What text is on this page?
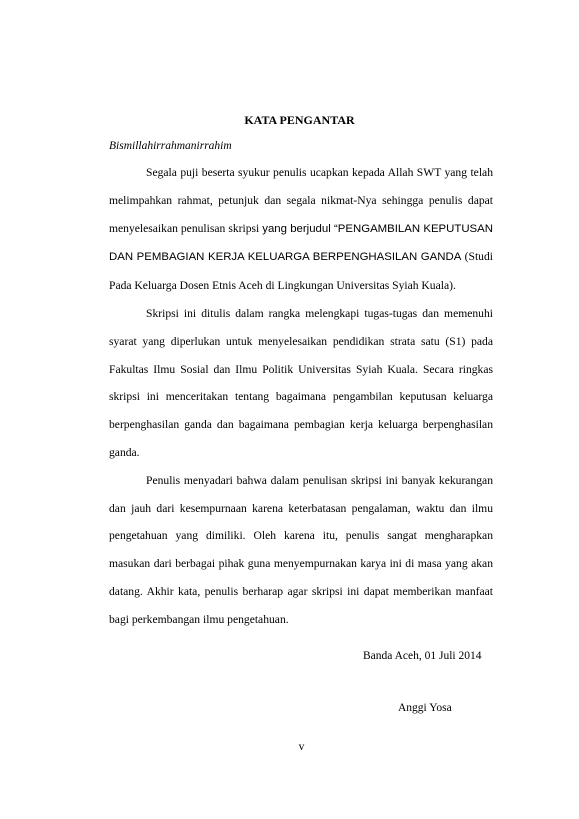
KATA PENGANTAR
Bismillahirrahmanirrahim

Segala puji beserta syukur penulis ucapkan kepada Allah SWT yang telah melimpahkan rahmat, petunjuk dan segala nikmat-Nya sehingga penulis dapat menyelesaikan penulisan skripsi yang berjudul “PENGAMBILAN KEPUTUSAN DAN PEMBAGIAN KERJA KELUARGA BERPENGHASILAN GANDA (Studi Pada Keluarga Dosen Etnis Aceh di Lingkungan Universitas Syiah Kuala).

Skripsi ini ditulis dalam rangka melengkapi tugas-tugas dan memenuhi syarat yang diperlukan untuk menyelesaikan pendidikan strata satu (S1) pada Fakultas Ilmu Sosial dan Ilmu Politik Universitas Syiah Kuala. Secara ringkas skripsi ini menceritakan tentang bagaimana pengambilan keputusan keluarga berpenghasilan ganda dan bagaimana pembagian kerja keluarga berpenghasilan ganda.

Penulis menyadari bahwa dalam penulisan skripsi ini banyak kekurangan dan jauh dari kesempurnaan karena keterbatasan pengalaman, waktu dan ilmu pengetahuan yang dimiliki. Oleh karena itu, penulis sangat mengharapkan masukan dari berbagai pihak guna menyempurnakan karya ini di masa yang akan datang. Akhir kata, penulis berharap agar skripsi ini dapat memberikan manfaat bagi perkembangan ilmu pengetahuan.

Banda Aceh, 01 Juli 2014
Anggi Yosa
v
